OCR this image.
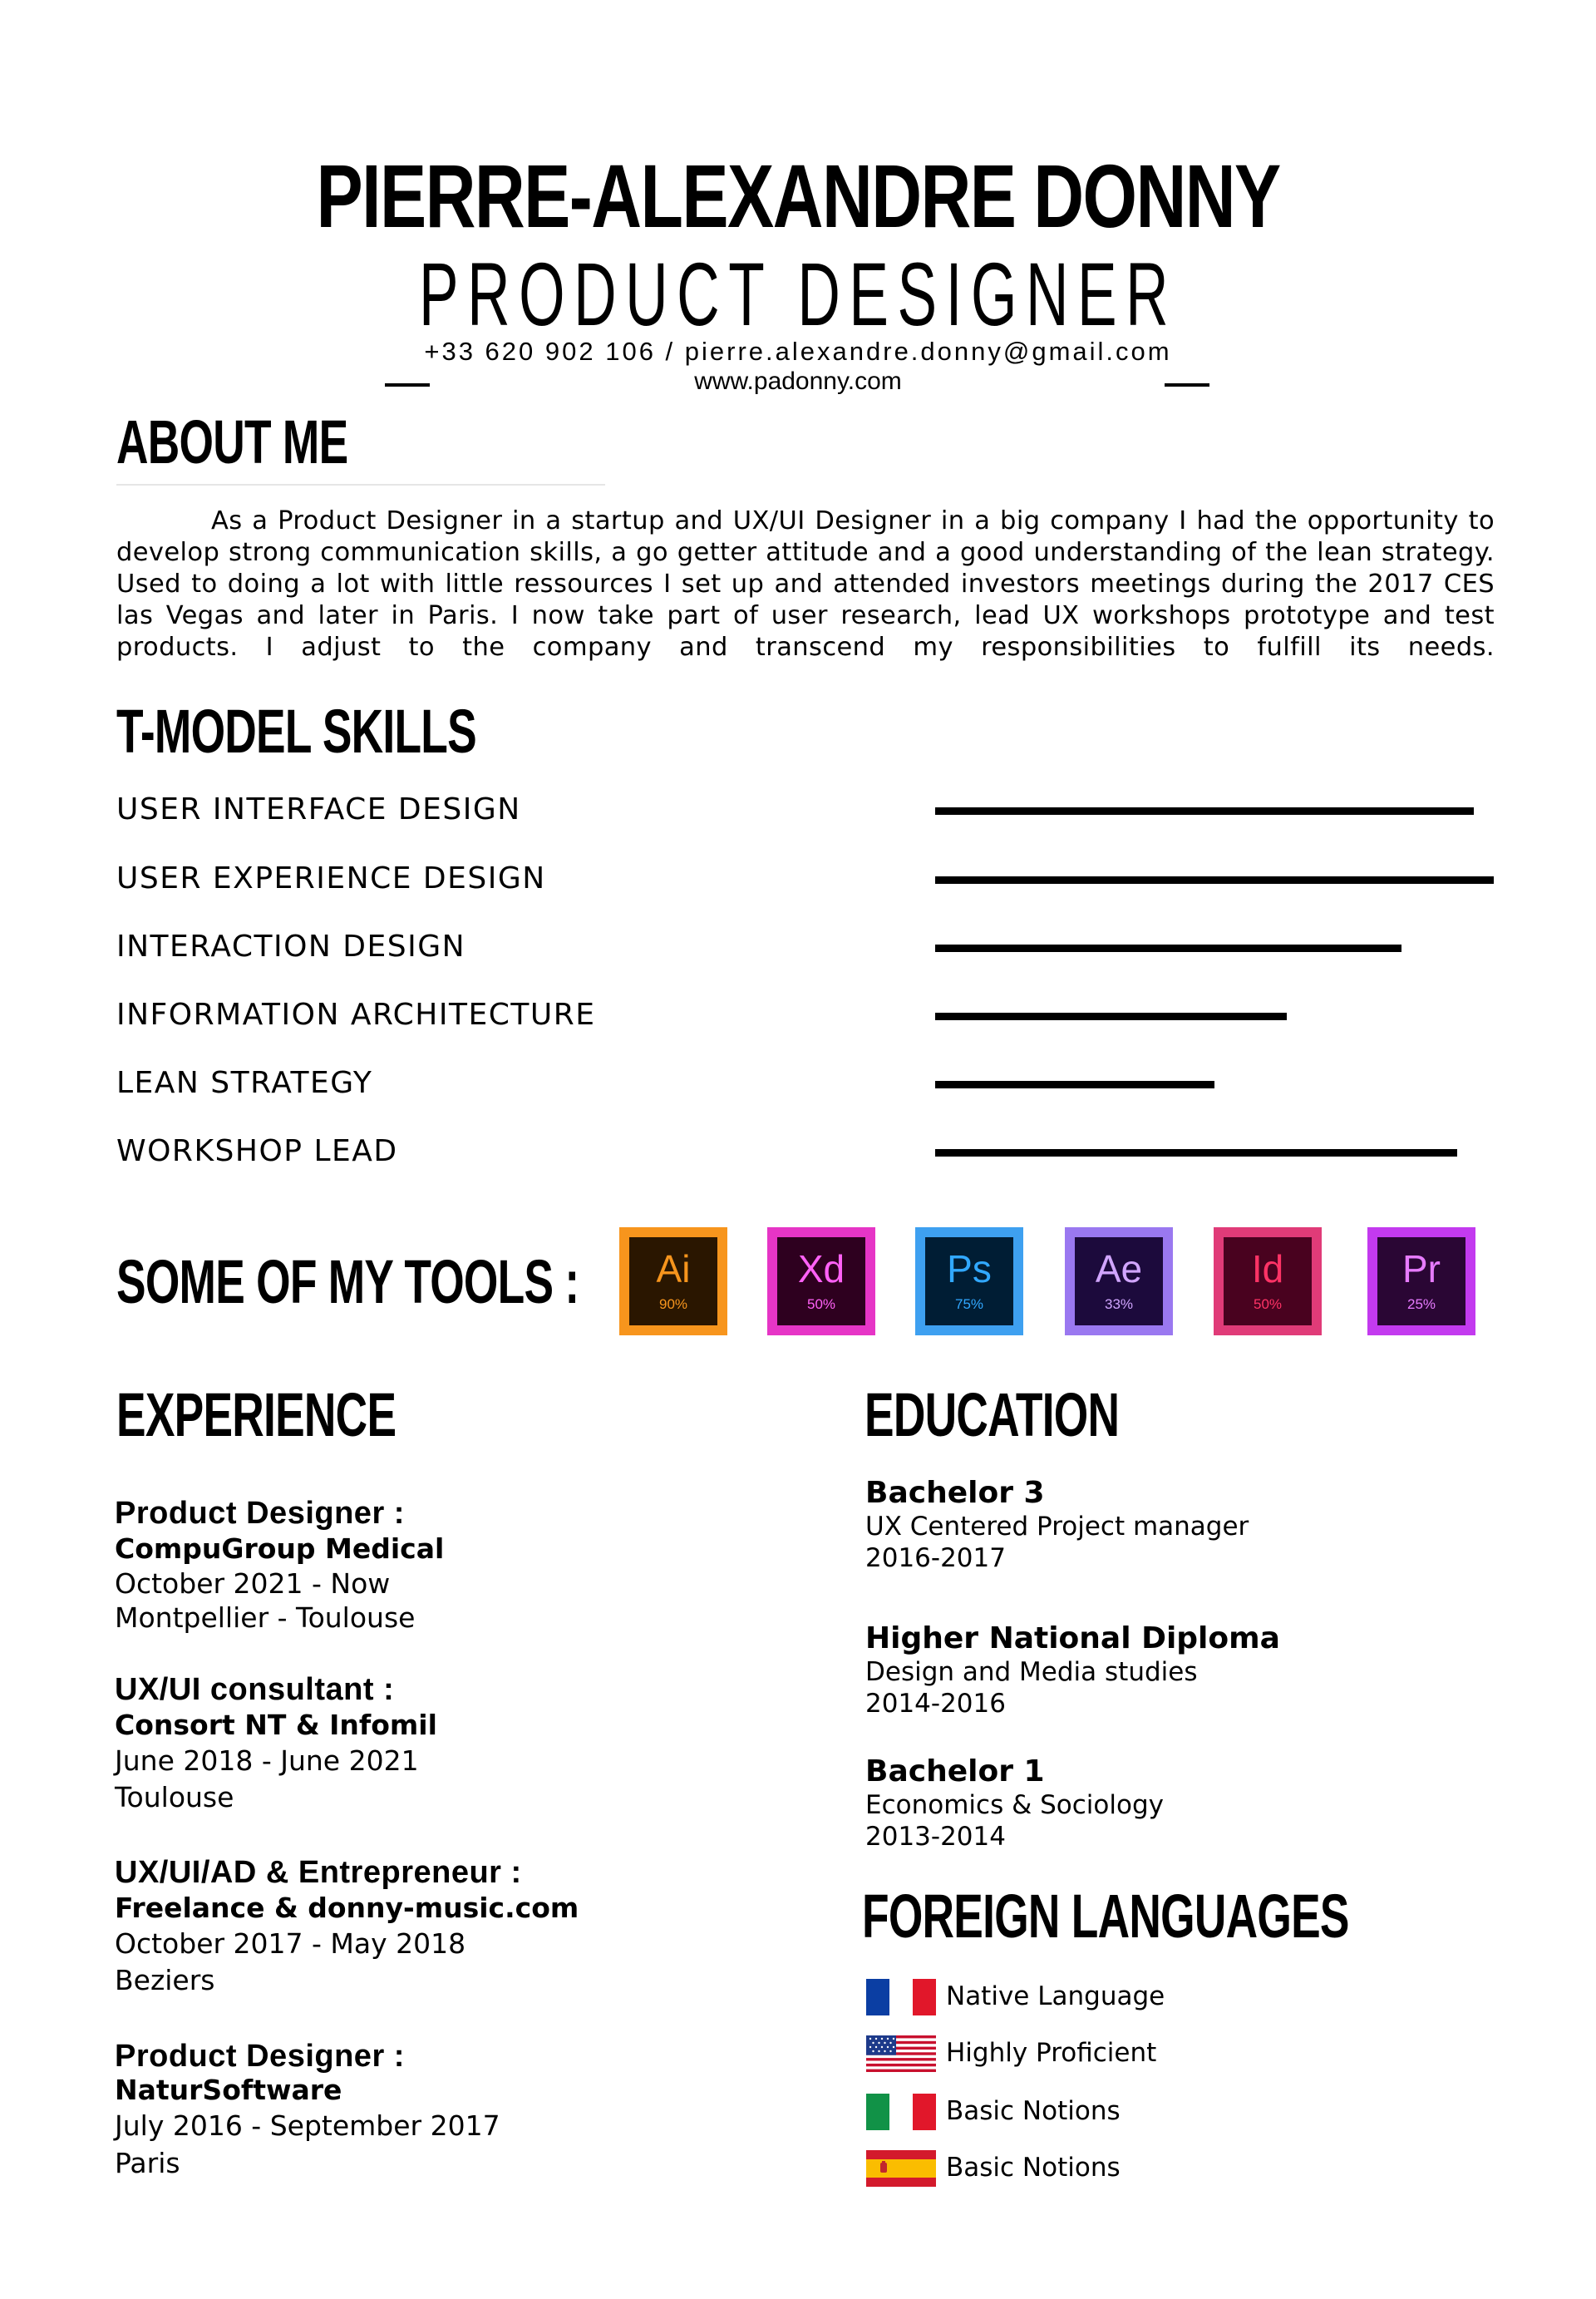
PIERRE-ALEXANDRE DONNY
PRODUCT DESIGNER
+33 620 902 106 / pierre.alexandre.donny@gmail.com
www.padonny.com
ABOUT ME
As a Product Designer in a startup and UX/UI Designer in a big company I had the opportunity to develop strong communication skills, a go getter attitude and a good understanding of the lean strategy. Used to doing a lot with little ressources I set up and attended investors meetings during the 2017 CES las Vegas and later in Paris. I now take part of user research, lead UX workshops prototype and test products. I adjust to the company and transcend my responsibilities to fulfill its needs.
T-MODEL SKILLS
USER INTERFACE DESIGN
USER EXPERIENCE DESIGN
INTERACTION DESIGN
INFORMATION ARCHITECTURE
LEAN STRATEGY
WORKSHOP LEAD
SOME OF MY TOOLS :	Ai
90%
Xd
50%
Ps
75%
Ae
33%
Id
50%
Pr
25%
EXPERIENCE
Product Designer :
CompuGroup Medical
October 2021 - Now
Montpellier - Toulouse
UX/UI consultant :
Consort NT & Infomil
June 2018 - June 2021
Toulouse
UX/UI/AD & Entrepreneur :
Freelance & donny-music.com
October 2017 - May 2018
Beziers
Product Designer :
NaturSoftware
July 2016 - September 2017
Paris
EDUCATION
Bachelor 3
UX Centered Project manager
2016-2017
Higher National Diploma
Design and Media studies
2014-2016
Bachelor 1
Economics & Sociology
2013-2014
FOREIGN LANGUAGES
Native Language
Highly Proficient
Basic Notions
Basic Notions
